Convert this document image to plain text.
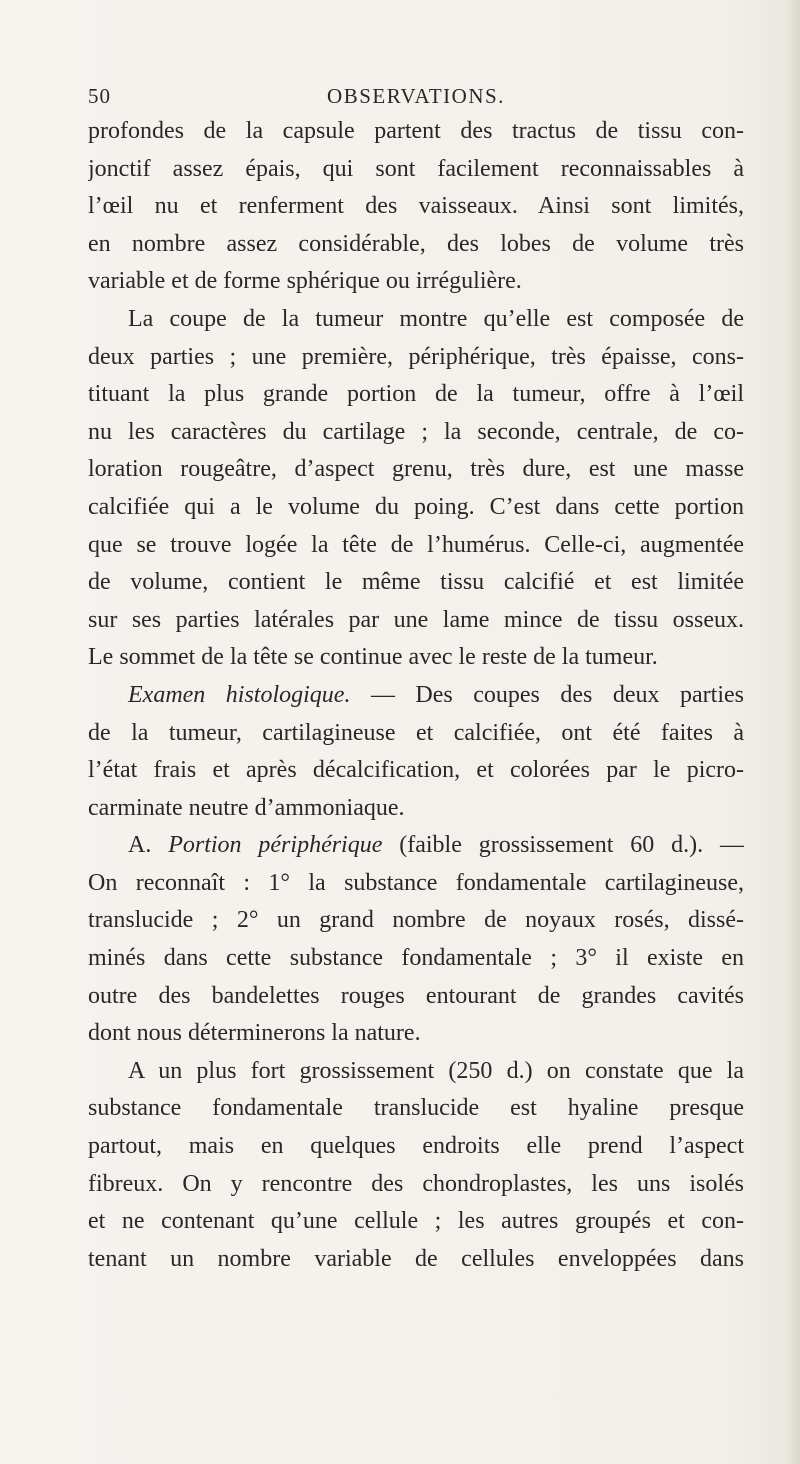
50	OBSERVATIONS.
profondes de la capsule partent des tractus de tissu con-
jonctif assez épais, qui sont facilement reconnaissables à
l’œil nu et renferment des vaisseaux. Ainsi sont limités,
en nombre assez considérable, des lobes de volume très
variable et de forme sphérique ou irrégulière.
La coupe de la tumeur montre qu’elle est composée de
deux parties ; une première, périphérique, très épaisse, cons-
tituant la plus grande portion de la tumeur, offre à l’œil
nu les caractères du cartilage ; la seconde, centrale, de co-
loration rougeâtre, d’aspect grenu, très dure, est une masse
calcifiée qui a le volume du poing. C’est dans cette portion
que se trouve logée la tête de l’humérus. Celle-ci, augmentée
de volume, contient le même tissu calcifié et est limitée
sur ses parties latérales par une lame mince de tissu osseux.
Le sommet de la tête se continue avec le reste de la tumeur.
Examen histologique. — Des coupes des deux parties
de la tumeur, cartilagineuse et calcifiée, ont été faites à
l’état frais et après décalcification, et colorées par le picro-
carminate neutre d’ammoniaque.
A. Portion périphérique (faible grossissement 60 d.). —
On reconnaît : 1° la substance fondamentale cartilagineuse,
translucide ; 2° un grand nombre de noyaux rosés, dissé-
minés dans cette substance fondamentale ; 3° il existe en
outre des bandelettes rouges entourant de grandes cavités
dont nous déterminerons la nature.
A un plus fort grossissement (250 d.) on constate que la
substance fondamentale translucide est hyaline presque
partout, mais en quelques endroits elle prend l’aspect
fibreux. On y rencontre des chondroplastes, les uns isolés
et ne contenant qu’une cellule ; les autres groupés et con-
tenant un nombre variable de cellules enveloppées dans
